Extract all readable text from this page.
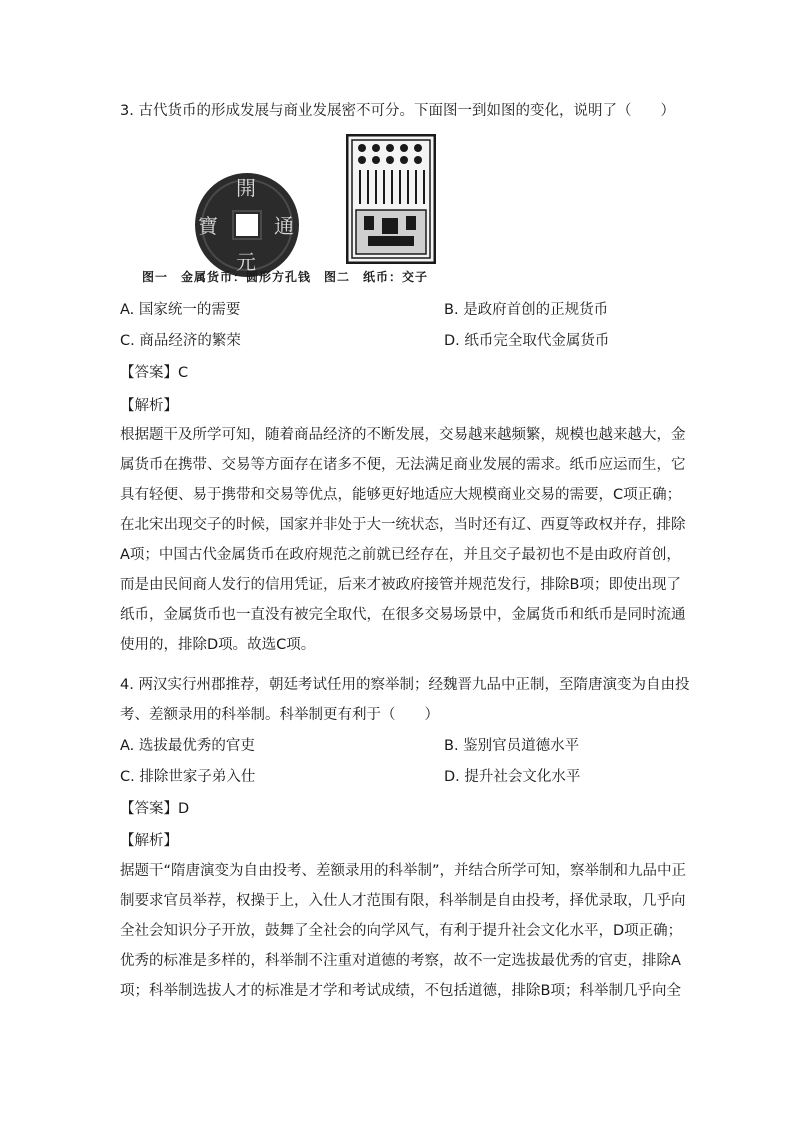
3. 古代货币的形成发展与商业发展密不可分。下面图一到如图的变化，说明了（　　）
開
元
通
寶
图一　金属货币：圆形方孔钱　图二　纸币：交子
A. 国家统一的需要	B. 是政府首创的正规货币
C. 商品经济的繁荣	D. 纸币完全取代金属货币
【答案】C
【解析】
根据题干及所学可知，随着商品经济的不断发展，交易越来越频繁，规模也越来越大，金
属货币在携带、交易等方面存在诸多不便，无法满足商业发展的需求。纸币应运而生，它
具有轻便、易于携带和交易等优点，能够更好地适应大规模商业交易的需要，C项正确；
在北宋出现交子的时候，国家并非处于大一统状态，当时还有辽、西夏等政权并存，排除
A项；中国古代金属货币在政府规范之前就已经存在，并且交子最初也不是由政府首创，
而是由民间商人发行的信用凭证，后来才被政府接管并规范发行，排除B项；即使出现了
纸币，金属货币也一直没有被完全取代，在很多交易场景中，金属货币和纸币是同时流通
使用的，排除D项。故选C项。
4. 两汉实行州郡推荐，朝廷考试任用的察举制；经魏晋九品中正制，至隋唐演变为自由投
考、差额录用的科举制。科举制更有利于（　　）
A. 选拔最优秀的官吏	B. 鉴别官员道德水平
C. 排除世家子弟入仕	D. 提升社会文化水平
【答案】D
【解析】
据题干“隋唐演变为自由投考、差额录用的科举制”，并结合所学可知，察举制和九品中正
制要求官员举荐，权操于上，入仕人才范围有限，科举制是自由投考，择优录取，几乎向
全社会知识分子开放，鼓舞了全社会的向学风气，有利于提升社会文化水平，D项正确；
优秀的标准是多样的，科举制不注重对道德的考察，故不一定选拔最优秀的官吏，排除A
项；科举制选拔人才的标准是才学和考试成绩，不包括道德，排除B项；科举制几乎向全
